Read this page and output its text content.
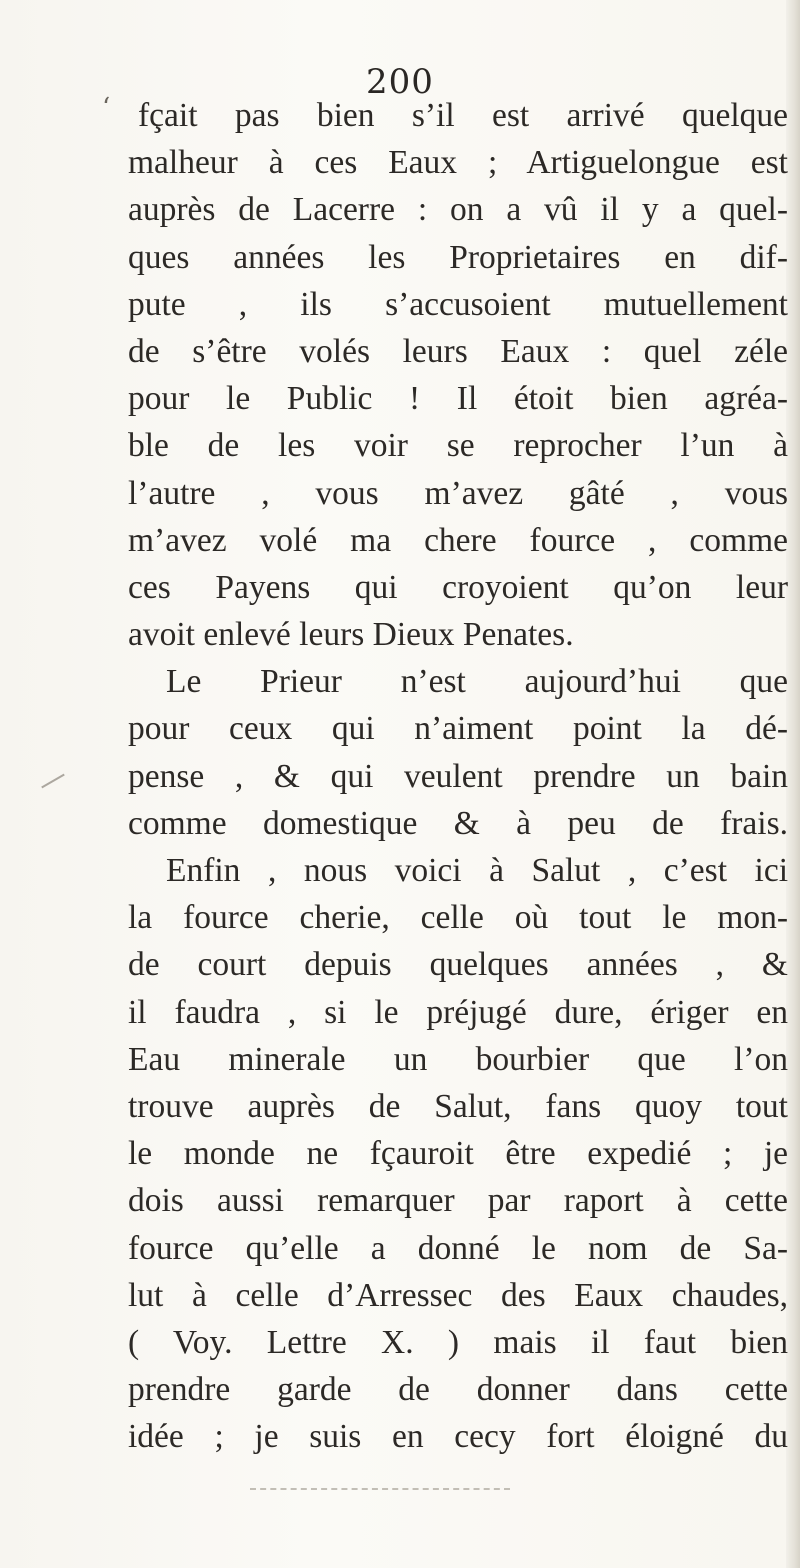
200
ʻ fçait pas bien s’il est arrivé quelque
malheur à ces Eaux ; Artiguelongue est
auprès de Lacerre : on a vû il y a quel-
ques années les Proprietaires en dif-
pute , ils s’accusoient mutuellement
de s’être volés leurs Eaux : quel zéle
pour le Public ! Il étoit bien agréa-
ble de les voir se reprocher l’un à
l’autre , vous m’avez gâté , vous
m’avez volé ma chere fource , comme
ces Payens qui croyoient qu’on leur
avoit enlevé leurs Dieux Penates.
Le Prieur n’est aujourd’hui que
pour ceux qui n’aiment point la dé-
pense , & qui veulent prendre un bain
comme domestique & à peu de frais.
Enfin , nous voici à Salut , c’est ici
la fource cherie, celle où tout le mon-
de court depuis quelques années , &
il faudra , si le préjugé dure, ériger en
Eau minerale un bourbier que l’on
trouve auprès de Salut, fans quoy tout
le monde ne fçauroit être expedié ; je
dois aussi remarquer par raport à cette
fource qu’elle a donné le nom de Sa-
lut à celle d’Arressec des Eaux chaudes,
( Voy. Lettre X. ) mais il faut bien
prendre garde de donner dans cette
idée ; je suis en cecy fort éloigné du
